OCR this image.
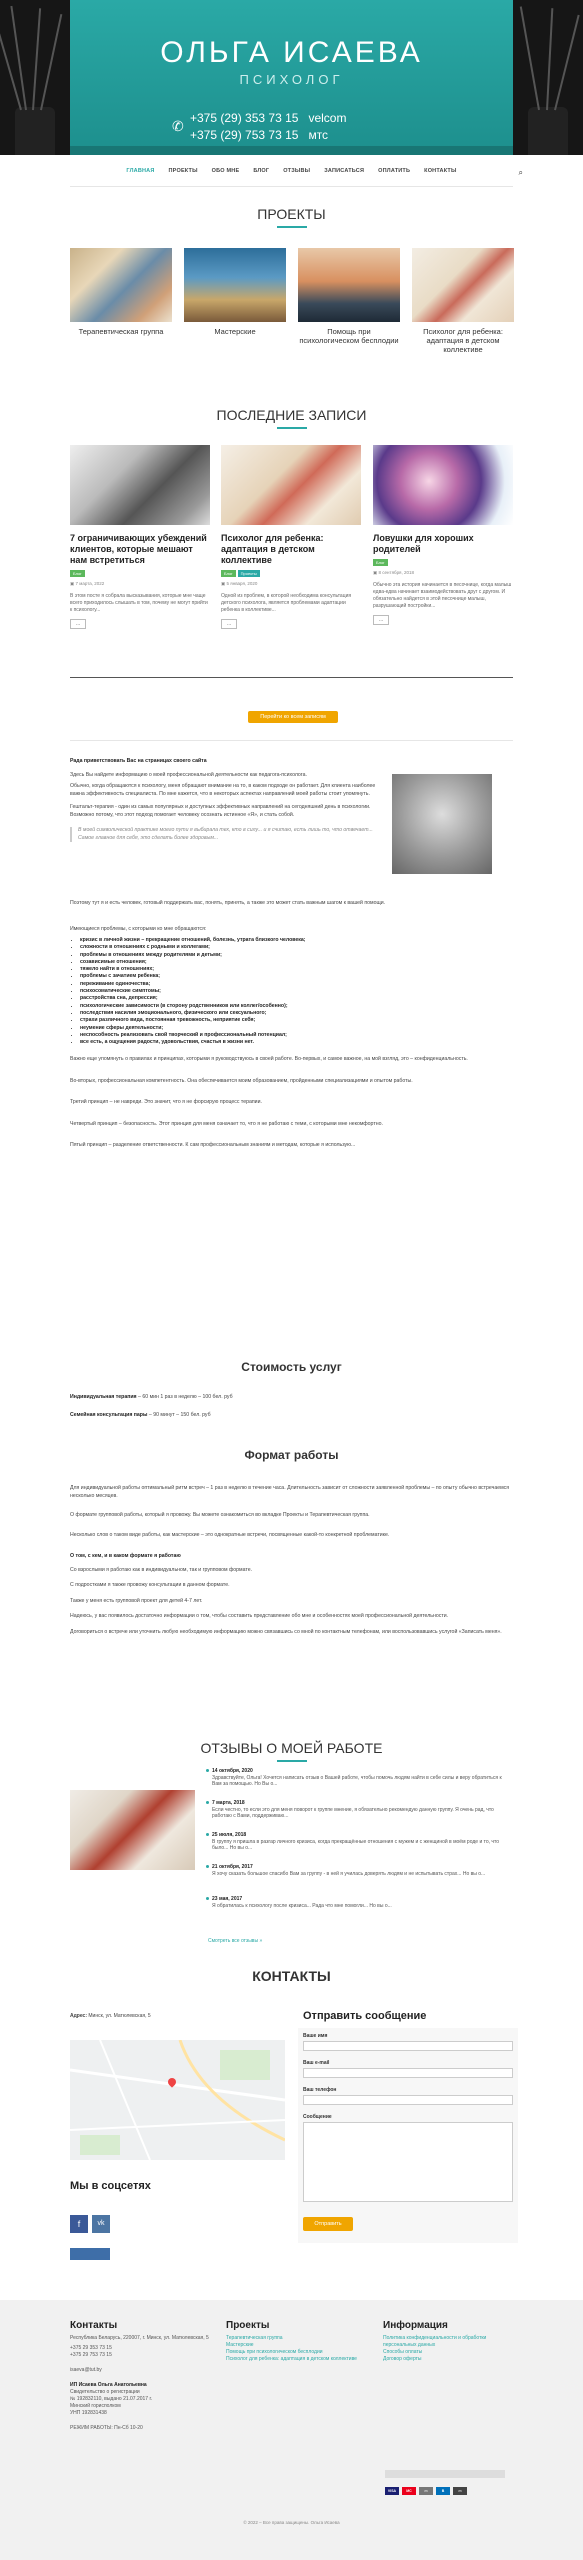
ОЛЬГА ИСАЕВА
ПСИХОЛОГ
✆ +375 (29) 353 73 15 velcom
+375 (29) 753 73 15 мтс
ГЛАВНАЯ	ПРОЕКТЫ	ОБО МНЕ	БЛОГ	ОТЗЫВЫ	ЗАПИСАТЬСЯ	ОПЛАТИТЬ	КОНТАКТЫ	⌕
ПРОЕКТЫ
Терапевтическая группа	Мастерские	Помощь при психологическом бесплодии
Психолог для ребенка: адаптация в детском коллективе
ПОСЛЕДНИЕ ЗАПИСИ
7 ограничивающих убеждений клиентов, которые мешают нам встретиться
Блог
▣ 7 марта, 2022
В этом посте я собрала высказывания, которые мне чаще всего приходилось слышать в том, почему не могут прийти к психологу...
...
Психолог для ребенка: адаптация в детском коллективе
Блог Проекты
▣ 5 января, 2020
Одной из проблем, в которой необходима консультация детского психолога, является проблемами адаптации ребенка в коллективе...
...
Ловушки для хороших родителей
Блог
▣ 8 сентября, 2018
Обычно эта история начинается в песочнице, когда малыш едва-едва начинает взаимодействовать друг с другом. И обязательно найдется в этой песочнице малыш, разрушающий постройки...
...
Перейти ко всем записям

Рада приветствовать Вас на страницах своего сайта

Здесь Вы найдете информацию о моей профессиональной деятельности как педагога-психолога.

Обычно, когда обращаются к психологу, меня обращают внимание на то, в каком подходе он работает. Для клиента наиболее важна эффективность специалиста. По мне кажется, что в некоторых аспектах направлений моей работы стоит упомянуть.

Гештальт-терапия - один из самых популярных и доступных эффективных направлений на сегодняшний день в психологии. Возможно потому, что этот подход помогает человеку осознать истинное «Я», и стать собой.

В моей символической практике моего пути я выбирала тех, кто в силу... и я считаю, есть лишь то, что отвечает... Самое главное для себя, это сделать более здоровым...

Поэтому тут я и есть человек, готовый поддержать вас, понять, принять, а также это может стать важным шагом к вашей помощи.

Имеющиеся проблемы, с которыми ко мне обращаются:

• кризис в личной жизни – прекращение отношений, болезнь, утрата близкого человека;
• сложности в отношениях с родными и коллегами;
• проблемы в отношениях между родителями и детьми;
• созависимые отношения;
• тяжело найти в отношениях;
• проблемы с зачатием ребенка;
• переживание одиночества;
• психосоматические симптомы;
• расстройства сна, депрессия;
• психологические зависимости (в сторону родственников или коллег/особенно);
• последствия насилия эмоционального, физического или сексуального;
• страхи различного вида, постоянная тревожность, неприятие себя;
• неумение сферы деятельности;
• неспособность реализовать свой творческий и профессиональный потенциал;
• все есть, а ощущения радости, удовольствия, счастья в жизни нет.

Важно еще упомянуть о правилах и принципах, которыми я руководствуюсь в своей работе. Во-первых, и самое важное, на мой взгляд, это – конфиденциальность.

Во-вторых, профессиональная компетентность. Она обеспечивается моим образованием, пройденными специализациями и опытом работы.

Третий принцип – не навреди. Это значит, что я не форсирую процесс терапии.

Четвертый принцип – безопасность. Этот принцип для меня означает то, что я не работаю с теми, с которыми мне некомфортно.

Пятый принцип – разделение ответственности. К сам профессиональным знаниям и методам, которые я использую...

Стоимость услуг

Индивидуальная терапия – 60 мин 1 раз в неделю – 100 бел. руб

Семейная консультация пары – 90 минут – 150 бел. руб

Формат работы

Для индивидуальной работы оптимальный ритм встреч – 1 раз в неделю в течение часа. Длительность зависит от сложности заявленной проблемы – по опыту обычно встречаемся несколько месяцев.

О формате групповой работы, который я провожу. Вы можете ознакомиться во вкладке Проекты и Терапевтическая группа.

Несколько слов о таком виде работы, как мастерские – это однократные встречи, посвященные какой-то конкретной проблематике.

О том, с кем, и в каком формате я работаю

Со взрослыми я работаю как в индивидуальном, так и групповом формате.

С подростками я также провожу консультации в данном формате.

Также у меня есть групповой проект для детей 4-7 лет.

Надеюсь, у вас появилось достаточно информации о том, чтобы составить представление обо мне и особенностях моей профессиональной деятельности.

Договориться о встрече или уточнить любую необходимую информацию можно связавшись со мной по контактным телефонам, или воспользовавшись услугой «Записать меня».

ОТЗЫВЫ О МОЕЙ РАБОТЕ
14 октября, 2020
Здравствуйте, Ольга! Хочется написать отзыв о Вашей работе, чтобы помочь людям найти в себе силы и веру обратиться к Вам за помощью. Но Вы о...
7 марта, 2018
Если честно, то если это для меня поворот к группе мнение, я обязательно рекомендую данную группу. Я очень рад, что работаю с Вами, поддерживаю...
25 июля, 2018
В группу я пришла в разгар личного кризиса, когда прекращённые отношения с мужем и с женщиной в моём роде и то, что было... Но вы о...
21 октября, 2017
Я хочу сказать большое спасибо Вам за группу - в ней я училась доверять людям и не испытывать страх... Но вы о...
23 мая, 2017
Я обратилась к психологу после кризиса... Рада что мне помогли... Но вы о...
Смотреть все отзывы »
КОНТАКТЫ
Адрес: Минск, ул. Матюлевская, 5
Мы в соцсетях
f	vk
Отправить сообщение
Ваше имя
Ваш e-mail
Ваш телефон
Сообщение
Отправить
Контакты
Республика Беларусь, 220007, г. Минск, ул. Матюлевская, 5
+375 29 353 73 15
+375 29 753 73 15
isaeva@tut.by
ИП Исаева Ольга Анатольевна
Свидетельство о регистрации
№ 192832110, выдано 21.07.2017 г.
Минский горисполком
УНП 192831438
РЕЖИМ РАБОТЫ: Пн-Сб 10-20
Проекты
Терапевтическая группа
Мастерские
Помощь при психологическом бесплодии
Психолог для ребенка: адаптация в детском коллективе
Информация
Политика конфиденциальности и обработки персональных данных
Способы оплаты
Договор оферты
VISA	MC	▭	B	▭
© 2022 – Все права защищены. Ольга Исаева
